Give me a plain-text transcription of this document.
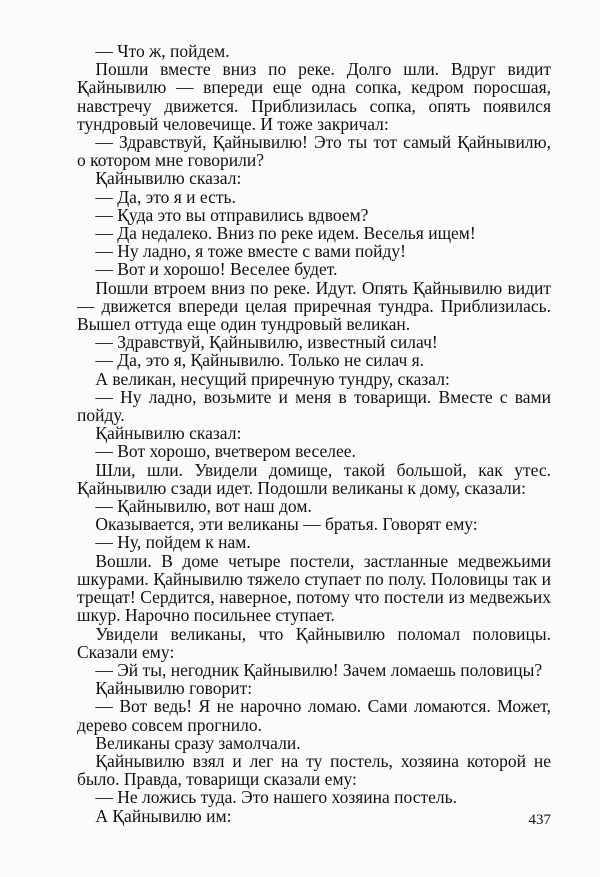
— Что ж, пойдем.

Пошли вместе вниз по реке. Долго шли. Вдруг видит Қайнывилю — впереди еще одна сопка, кедром поросшая, навстречу движется. Приблизилась сопка, опять появился тундровый человечище. И тоже закричал:

— Здравствуй, Қайнывилю! Это ты тот самый Қайнывилю, о котором мне говорили?

Қайнывилю сказал:

— Да, это я и есть.

— Қуда это вы отправились вдвоем?

— Да недалеко. Вниз по реке идем. Веселья ищем!

— Ну ладно, я тоже вместе с вами пойду!

— Вот и хорошо! Веселее будет.

Пошли втроем вниз по реке. Идут. Опять Қайнывилю видит — движется впереди целая приречная тундра. Приблизилась. Вышел оттуда еще один тундровый великан.

— Здравствуй, Қайнывилю, известный силач!

— Да, это я, Қайнывилю. Только не силач я.

А великан, несущий приречную тундру, сказал:

— Ну ладно, возьмите и меня в товарищи. Вместе с вами пойду.

Қайнывилю сказал:

— Вот хорошо, вчетвером веселее.

Шли, шли. Увидели домище, такой большой, как утес. Қайнывилю сзади идет. Подошли великаны к дому, сказали:

— Қайнывилю, вот наш дом.

Оказывается, эти великаны — братья. Говорят ему:

— Ну, пойдем к нам.

Вошли. В доме четыре постели, застланные медвежьими шкурами. Қайнывилю тяжело ступает по полу. Половицы так и трещат! Сердится, наверное, потому что постели из медвежьих шкур. Нарочно посильнее ступает.

Увидели великаны, что Қайнывилю поломал половицы. Сказали ему:

— Эй ты, негодник Қайнывилю! Зачем ломаешь половицы?

Қайнывилю говорит:

— Вот ведь! Я не нарочно ломаю. Сами ломаются. Может, дерево совсем прогнило.

Великаны сразу замолчали.

Қайнывилю взял и лег на ту постель, хозяина которой не было. Правда, товарищи сказали ему:

— Не ложись туда. Это нашего хозяина постель.

А Қайнывилю им:	437
